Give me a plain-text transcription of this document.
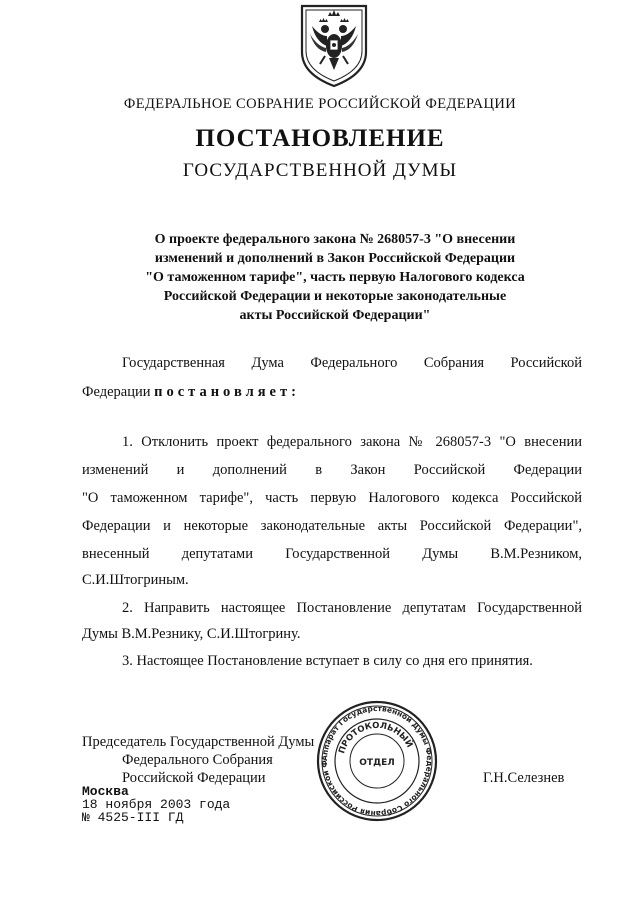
ФЕДЕРАЛЬНОЕ СОБРАНИЕ РОССИЙСКОЙ ФЕДЕРАЦИИ
ПОСТАНОВЛЕНИЕ
ГОСУДАРСТВЕННОЙ ДУМЫ
О проекте федерального закона № 268057-3 "О внесении
изменений и дополнений в Закон Российской Федерации
"О таможенном тарифе", часть первую Налогового кодекса
Российской Федерации и некоторые законодательные
акты Российской Федерации"
Государственная Дума Федерального Собрания Российской
Федерации постановляет:
1. Отклонить проект федерального закона № 268057-3 "О внесении
изменений и дополнений в Закон Российской Федерации
"О таможенном тарифе", часть первую Налогового кодекса Российской
Федерации и некоторые законодательные акты Российской Федерации",
внесенный депутатами Государственной Думы В.М.Резником,
С.И.Штогриным.
2. Направить настоящее Постановление депутатам Государственной
Думы В.М.Резнику, С.И.Штогрину.
3. Настоящее Постановление вступает в силу со дня его принятия.
Председатель Государственной Думы
Федерального Собрания
Российской Федерации	Г.Н.Селезнев
Москва
18 ноября 2003 года
№ 4525-III ГД
Аппарат Государственной Думы Федерального Собрания Российской Ф
ПРОТОКОЛЬНЫЙ
ОТДЕЛ
